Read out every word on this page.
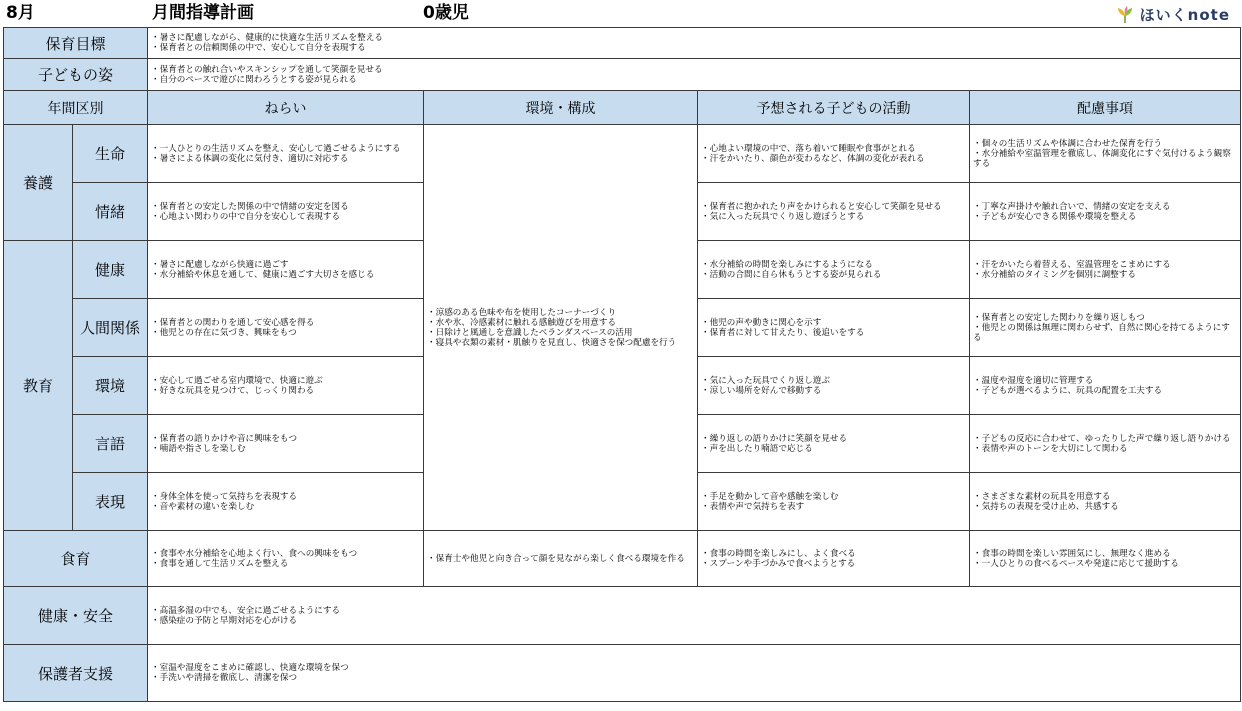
8月	月間指導計画	0歳児	ほいくnote
保育目標		・暑さに配慮しながら、健康的に快適な生活リズムを整える
・保育者との信頼関係の中で、安心して自分を表現する			

子どもの姿		・保育者との触れ合いやスキンシップを通して笑顔を見せる
・自分のペースで遊びに関わろうとする姿が見られる			

年間区別		ねらい	環境・構成	予想される子どもの活動	配慮事項
養護	生命	・一人ひとりの生活リズムを整え、安心して過ごせるようにする
・暑さによる体調の変化に気付き、適切に対応する	・涼感のある色味や布を使用したコーナーづくり
・水や氷、冷感素材に触れる感触遊びを用意する
・日除けと風通しを意識したベランダスペースの活用
・寝具や衣類の素材・肌触りを見直し、快適さを保つ配慮を行う	・心地よい環境の中で、落ち着いて睡眠や食事がとれる
・汗をかいたり、顔色が変わるなど、体調の変化が表れる	・個々の生活リズムや体調に合わせた保育を行う
・水分補給や室温管理を徹底し、体調変化にすぐ気付けるよう観察する

	情緒	・保育者との安定した関係の中で情緒の安定を図る
・心地よい関わりの中で自分を安心して表現する		・保育者に抱かれたり声をかけられると安心して笑顔を見せる
・気に入った玩具でくり返し遊ぼうとする	・丁寧な声掛けや触れ合いで、情緒の安定を支える
・子どもが安心できる関係や環境を整える

教育	健康	・暑さに配慮しながら快適に過ごす
・水分補給や休息を通して、健康に過ごす大切さを感じる		・水分補給の時間を楽しみにするようになる
・活動の合間に自ら休もうとする姿が見られる	・汗をかいたら着替える、室温管理をこまめにする
・水分補給のタイミングを個別に調整する

	人間関係	・保育者との関わりを通して安心感を得る
・他児との存在に気づき、興味をもつ		・他児の声や動きに関心を示す
・保育者に対して甘えたり、後追いをする	・保育者との安定した関わりを繰り返しもつ
・他児との関係は無理に関わらせず、自然に関心を持てるようにする

	環境	・安心して過ごせる室内環境で、快適に遊ぶ
・好きな玩具を見つけて、じっくり関わる		・気に入った玩具でくり返し遊ぶ
・涼しい場所を好んで移動する	・温度や湿度を適切に管理する
・子どもが選べるように、玩具の配置を工夫する

	言語	・保育者の語りかけや音に興味をもつ
・喃語や指さしを楽しむ		・繰り返しの語りかけに笑顔を見せる
・声を出したり喃語で応じる	・子どもの反応に合わせて、ゆったりした声で繰り返し語りかける
・表情や声のトーンを大切にして関わる

	表現	・身体全体を使って気持ちを表現する
・音や素材の違いを楽しむ		・手足を動かして音や感触を楽しむ
・表情や声で気持ちを表す	・さまざまな素材の玩具を用意する
・気持ちの表現を受け止め、共感する

食育		・食事や水分補給を心地よく行い、食への興味をもつ
・食事を通して生活リズムを整える	・保育士や他児と向き合って顔を見ながら楽しく食べる環境を作る	・食事の時間を楽しみにし、よく食べる
・スプーンや手づかみで食べようとする	・食事の時間を楽しい雰囲気にし、無理なく進める
・一人ひとりの食べるペースや発達に応じて援助する

健康・安全		・高温多湿の中でも、安全に過ごせるようにする
・感染症の予防と早期対応を心がける			

保護者支援		・室温や湿度をこまめに確認し、快適な環境を保つ
・手洗いや清掃を徹底し、清潔を保つ			
